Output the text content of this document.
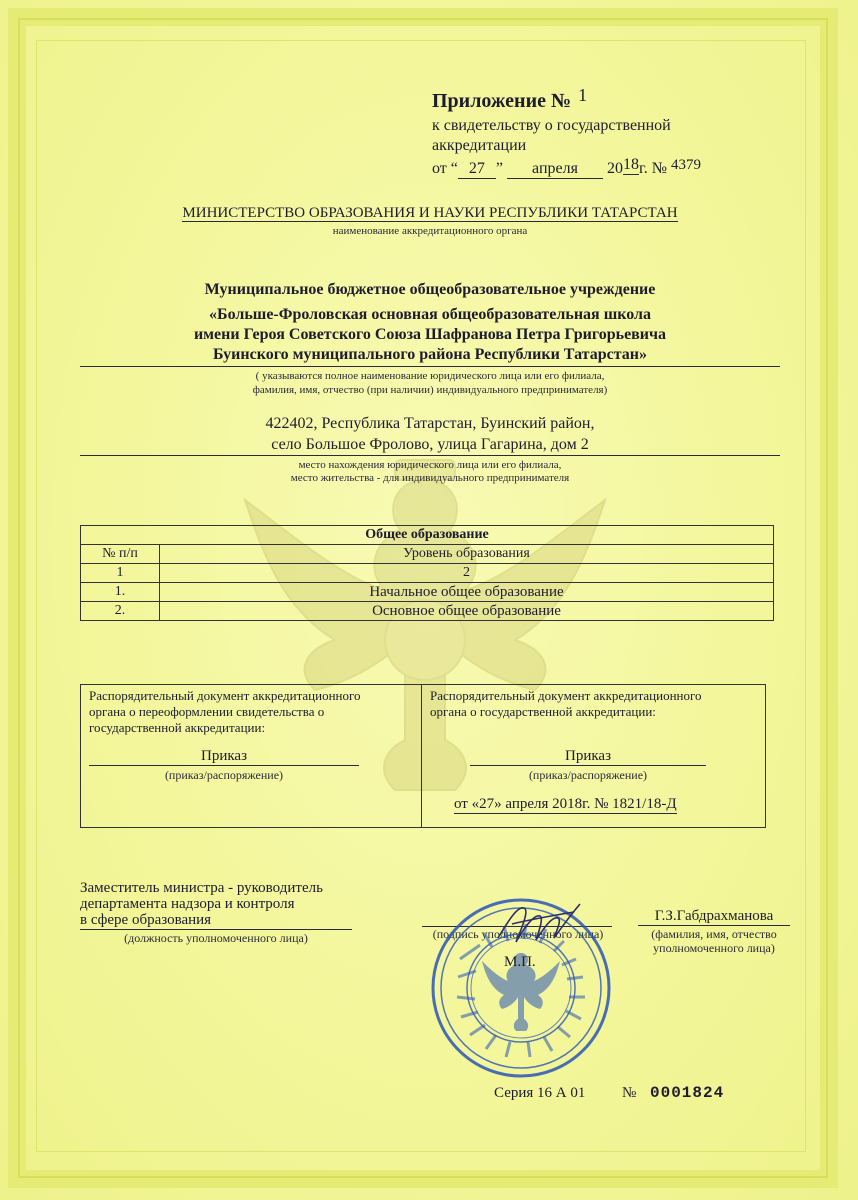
Приложение № 1
к свидетельству о государственной
аккредитации
от “ 27 ” апреля 2018г. № 4379
МИНИСТЕРСТВО ОБРАЗОВАНИЯ И НАУКИ РЕСПУБЛИКИ ТАТАРСТАН
наименование аккредитационного органа
Муниципальное бюджетное общеобразовательное учреждение
«Больше-Фроловская основная общеобразовательная школа
имени Героя Советского Союза Шафранова Петра Григорьевича
Буинского муниципального района Республики Татарстан»
( указываются полное наименование юридического лица или его филиала,
фамилия, имя, отчество (при наличии) индивидуального предпринимателя)
422402, Республика Татарстан, Буинский район,
село Большое Фролово, улица Гагарина, дом 2
место нахождения юридического лица или его филиала,
место жительства - для индивидуального предпринимателя
Общее образование	
№ п/п	Уровень образования
1	2
1.	Начальное общее образование
2.	Основное общее образование
Распорядительный документ аккредитационного
органа о переоформлении свидетельства о
государственной аккредитации:
Приказ
(приказ/распоряжение)
Распорядительный документ аккредитационного
органа о государственной аккредитации:
Приказ
(приказ/распоряжение)
от «27» апреля 2018г. № 1821/18-Д
Заместитель министра - руководитель
департамента надзора и контроля
в сфере образования
(должность уполномоченного лица)	(подпись уполномоченного лица)
Г.З.Габдрахманова
(фамилия, имя, отчество
уполномоченного лица)
М.П.
Серия 16 А 01 № 0001824
